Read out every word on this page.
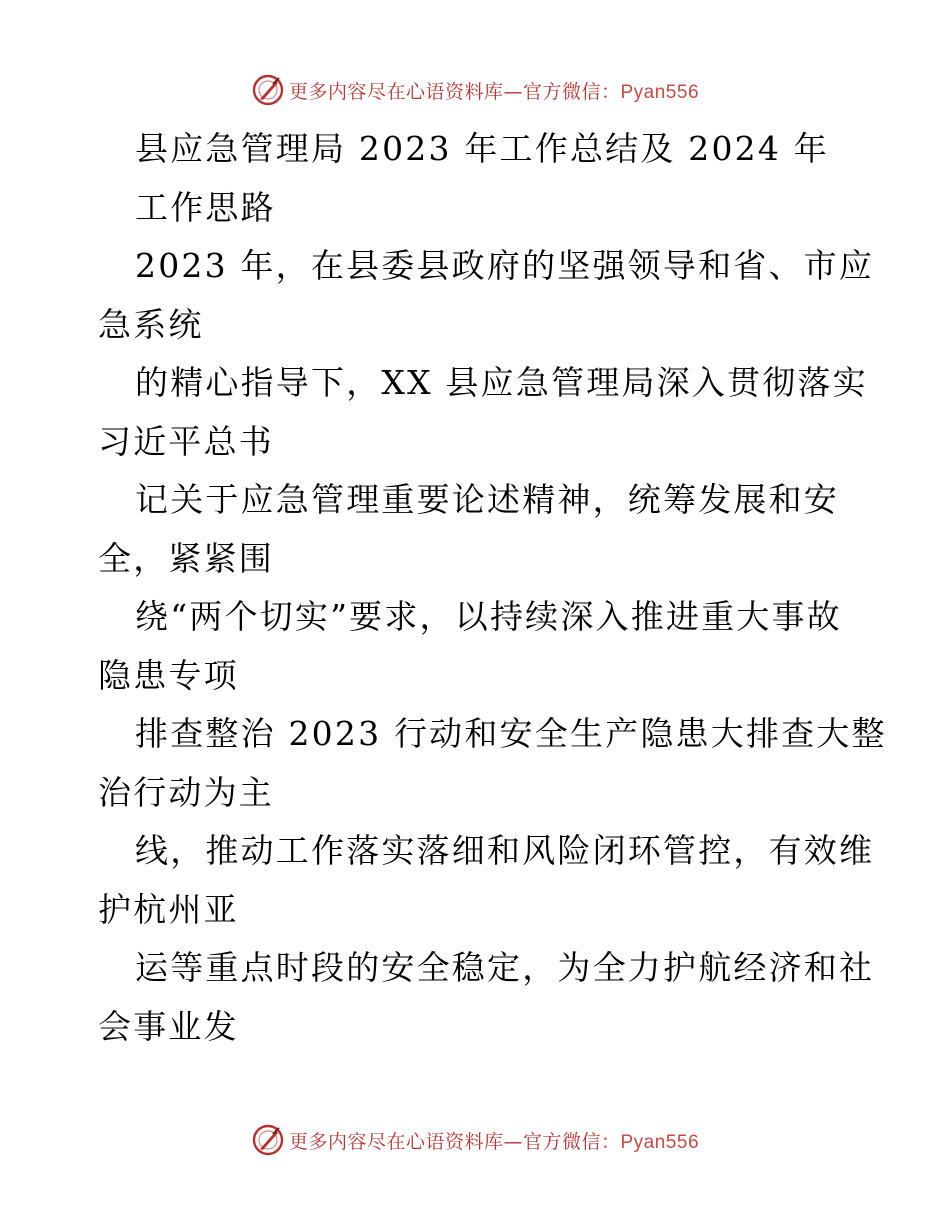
更多内容尽在心语资料库—官方微信：Pyan556
县应急管理局 2023 年工作总结及 2024 年
工作思路
2023 年，在县委县政府的坚强领导和省、市应
急系统
的精心指导下，XX 县应急管理局深入贯彻落实
习近平总书
记关于应急管理重要论述精神，统筹发展和安
全，紧紧围
绕“两个切实”要求，以持续深入推进重大事故
隐患专项
排查整治 2023 行动和安全生产隐患大排查大整
治行动为主
线，推动工作落实落细和风险闭环管控，有效维
护杭州亚
运等重点时段的安全稳定，为全力护航经济和社
会事业发
更多内容尽在心语资料库—官方微信：Pyan556
